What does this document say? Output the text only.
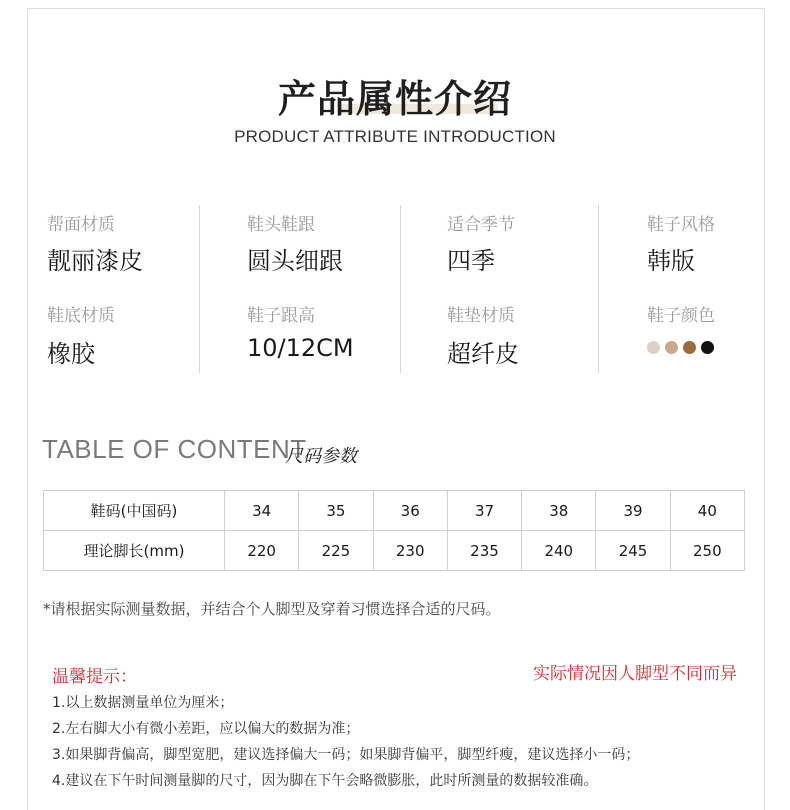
产品属性介绍
PRODUCT ATTRIBUTE INTRODUCTION
帮面材质
靓丽漆皮
鞋底材质
橡胶
鞋头鞋跟
圆头细跟
鞋子跟高
10/12CM
适合季节
四季
鞋垫材质
超纤皮
鞋子风格
韩版
鞋子颜色
TABLE OF CONTENT
尺码参数
鞋码(中国码)	34	35	36	37	38	39	40
理论脚长(mm)	220	225	230	235	240	245	250
*请根据实际测量数据，并结合个人脚型及穿着习惯选择合适的尺码。
温馨提示：	实际情况因人脚型不同而异
1.以上数据测量单位为厘米；
2.左右脚大小有微小差距，应以偏大的数据为准；
3.如果脚背偏高，脚型宽肥，建议选择偏大一码；如果脚背偏平，脚型纤瘦，建议选择小一码；
4.建议在下午时间测量脚的尺寸，因为脚在下午会略微膨胀，此时所测量的数据较准确。
